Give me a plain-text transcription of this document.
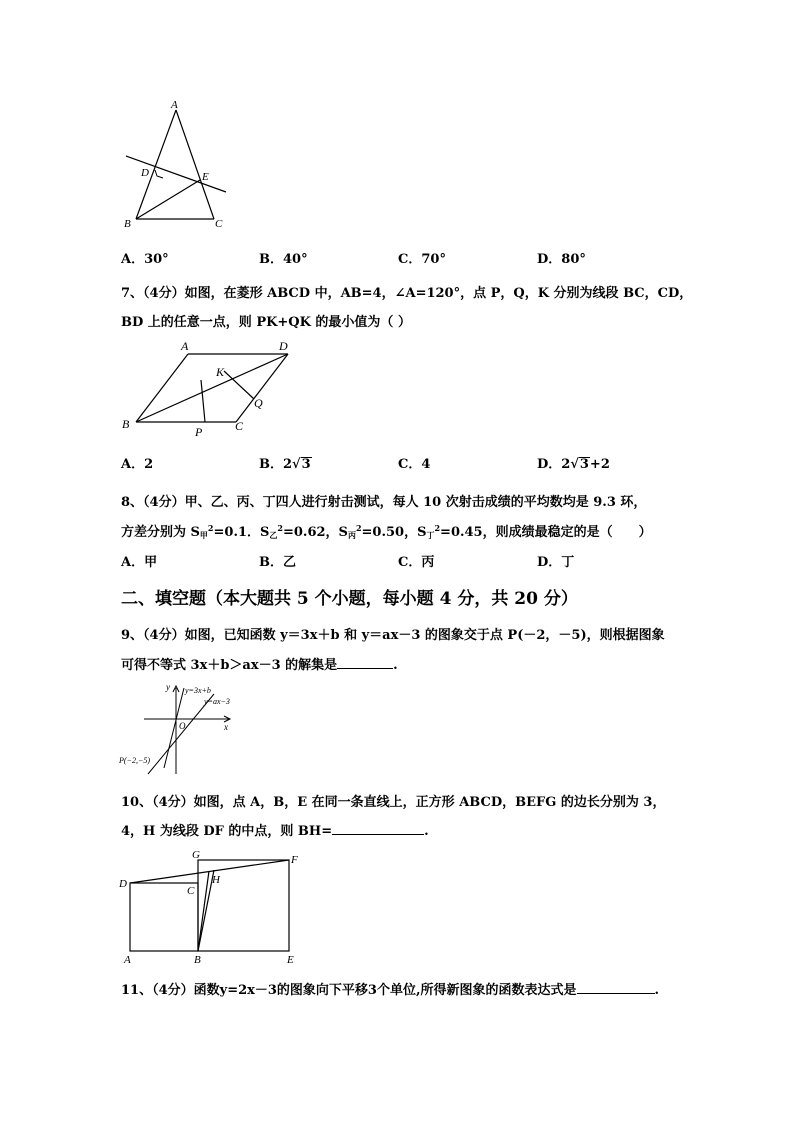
A
D	E
B	C
A．30°	B．40°	C．70°	D．80°
7、（4分）如图，在菱形 ABCD 中，AB=4，∠A=120°，点 P，Q，K 分别为线段 BC，CD，
BD 上的任意一点，则 PK+QK 的最小值为（ ）
A	D
K
Q
B
P	C
A．2	B．2√3	C．4	D．2√3+2
8、（4分）甲、乙、丙、丁四人进行射击测试，每人 10 次射击成绩的平均数均是 9.3 环，
方差分别为 S甲$^2$=0.1．S乙$^2$=0.62，S丙$^2$=0.50，S丁$^2$=0.45，则成绩最稳定的是（　　）
A．甲	B．乙	C．丙	D．丁
二、填空题（本大题共 5 个小题，每小题 4 分，共 20 分）
9、（4分）如图，已知函数 y＝3x＋b 和 y＝ax－3 的图象交于点 P(－2，－5)，则根据图象
可得不等式 3x＋b＞ax－3 的解集是	.
y
x
O
y=3x+b
y=ax−3
P(−2,−5)
10、（4分）如图，点 A，B，E 在同一条直线上，正方形 ABCD，BEFG 的边长分别为 3，
4，H 为线段 DF 的中点，则 BH=	.
G	F
D	H
C
A	B	E
11、（4分）函数y=2x－3的图象向下平移3个单位,所得新图象的函数表达式是	.
